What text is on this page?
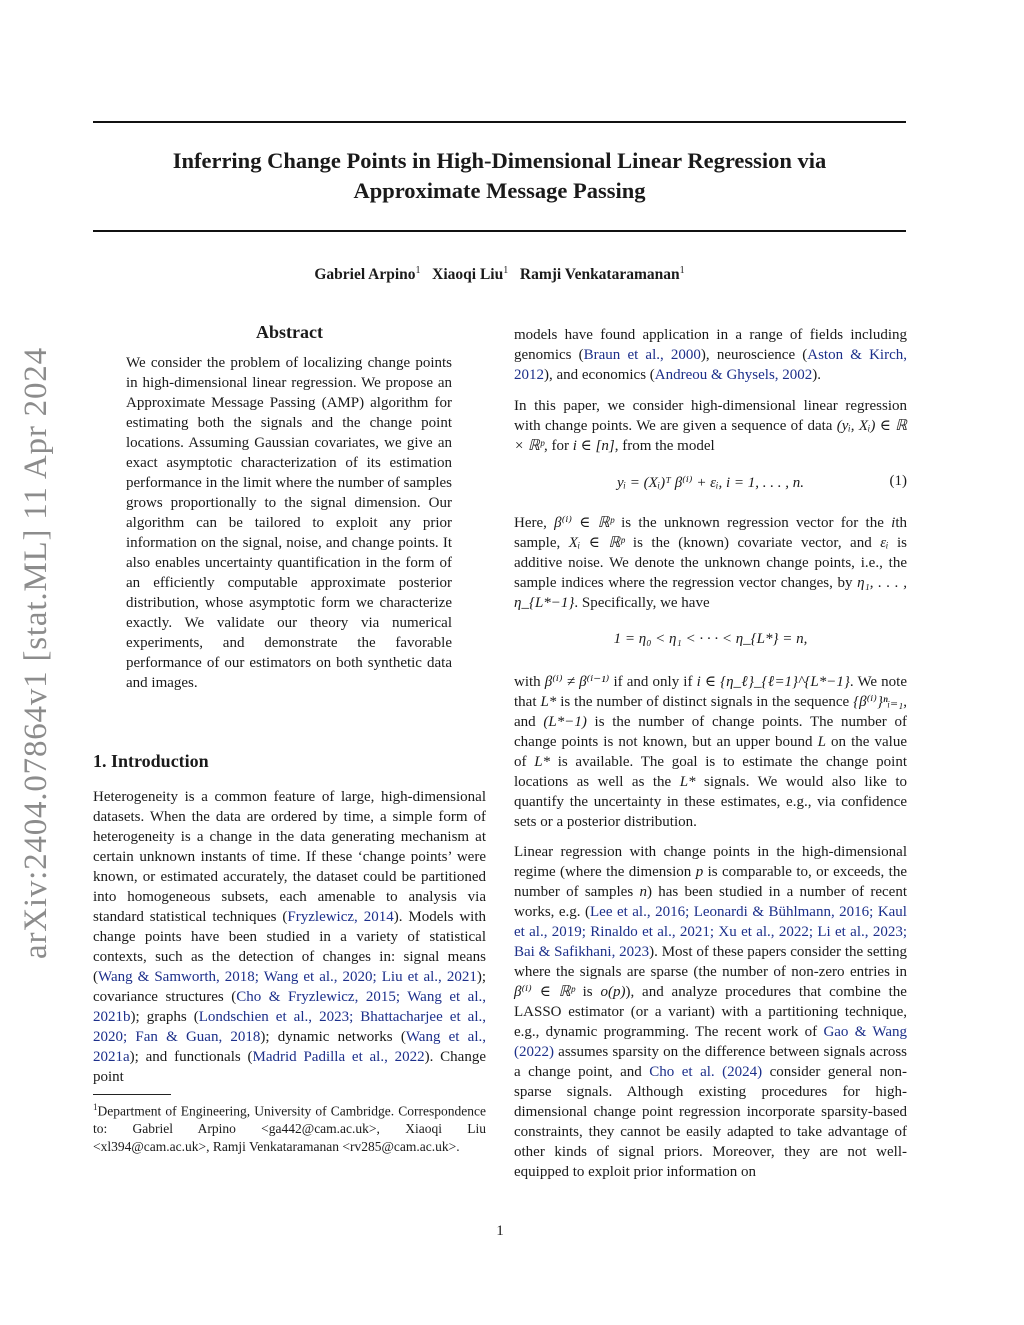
arXiv:2404.07864v1 [stat.ML] 11 Apr 2024
Inferring Change Points in High-Dimensional Linear Regression via
Approximate Message Passing
Gabriel Arpino$^1$ Xiaoqi Liu$^1$ Ramji Venkataramanan$^1$
Abstract
We consider the problem of localizing change points in high-dimensional linear regression. We propose an Approximate Message Passing (AMP) algorithm for estimating both the signals and the change point locations. Assuming Gaussian covariates, we give an exact asymptotic characterization of its estimation performance in the limit where the number of samples grows proportionally to the signal dimension. Our algorithm can be tailored to exploit any prior information on the signal, noise, and change points. It also enables uncertainty quantification in the form of an efficiently computable approximate posterior distribution, whose asymptotic form we characterize exactly. We validate our theory via numerical experiments, and demonstrate the favorable performance of our estimators on both synthetic data and images.
1. Introduction

Heterogeneity is a common feature of large, high-dimensional datasets. When the data are ordered by time, a simple form of heterogeneity is a change in the data generating mechanism at certain unknown instants of time. If these ‘change points’ were known, or estimated accurately, the dataset could be partitioned into homogeneous subsets, each amenable to analysis via standard statistical techniques (Fryzlewicz, 2014). Models with change points have been studied in a variety of statistical contexts, such as the detection of changes in: signal means (Wang & Samworth, 2018; Wang et al., 2020; Liu et al., 2021); covariance structures (Cho & Fryzlewicz, 2015; Wang et al., 2021b); graphs (Londschien et al., 2023; Bhattacharjee et al., 2020; Fan & Guan, 2018); dynamic networks (Wang et al., 2021a); and functionals (Madrid Padilla et al., 2022). Change point

$^1$Department of Engineering, University of Cambridge. Correspondence to: Gabriel Arpino <ga442@cam.ac.uk>, Xiaoqi Liu <xl394@cam.ac.uk>, Ramji Venkataramanan <rv285@cam.ac.uk>.

models have found application in a range of fields including genomics (Braun et al., 2000), neuroscience (Aston & Kirch, 2012), and economics (Andreou & Ghysels, 2002).

In this paper, we consider high-dimensional linear regression with change points. We are given a sequence of data (yᵢ, Xᵢ) ∈ ℝ × ℝᵖ, for i ∈ [n], from the model

yᵢ = (Xᵢ)ᵀ β⁽ⁱ⁾ + εᵢ, i = 1, . . . , n.	(1)

Here, β⁽ⁱ⁾ ∈ ℝᵖ is the unknown regression vector for the ith sample, Xᵢ ∈ ℝᵖ is the (known) covariate vector, and εᵢ is additive noise. We denote the unknown change points, i.e., the sample indices where the regression vector changes, by η₁, . . . , η_{L*−1}. Specifically, we have

1 = η₀ < η₁ < · · · < η_{L*} = n,

with β⁽ⁱ⁾ ≠ β⁽ⁱ⁻¹⁾ if and only if i ∈ {η_ℓ}_{ℓ=1}^{L*−1}. We note that L* is the number of distinct signals in the sequence {β⁽ⁱ⁾}ⁿᵢ₌₁, and (L*−1) is the number of change points. The number of change points is not known, but an upper bound L on the value of L* is available. The goal is to estimate the change point locations as well as the L* signals. We would also like to quantify the uncertainty in these estimates, e.g., via confidence sets or a posterior distribution.

Linear regression with change points in the high-dimensional regime (where the dimension p is comparable to, or exceeds, the number of samples n) has been studied in a number of recent works, e.g. (Lee et al., 2016; Leonardi & Bühlmann, 2016; Kaul et al., 2019; Rinaldo et al., 2021; Xu et al., 2022; Li et al., 2023; Bai & Safikhani, 2023). Most of these papers consider the setting where the signals are sparse (the number of non-zero entries in β⁽ⁱ⁾ ∈ ℝᵖ is o(p)), and analyze procedures that combine the LASSO estimator (or a variant) with a partitioning technique, e.g., dynamic programming. The recent work of Gao & Wang (2022) assumes sparsity on the difference between signals across a change point, and Cho et al. (2024) consider general non-sparse signals. Although existing procedures for high-dimensional change point regression incorporate sparsity-based constraints, they cannot be easily adapted to take advantage of other kinds of signal priors. Moreover, they are not well-equipped to exploit prior information on

1
